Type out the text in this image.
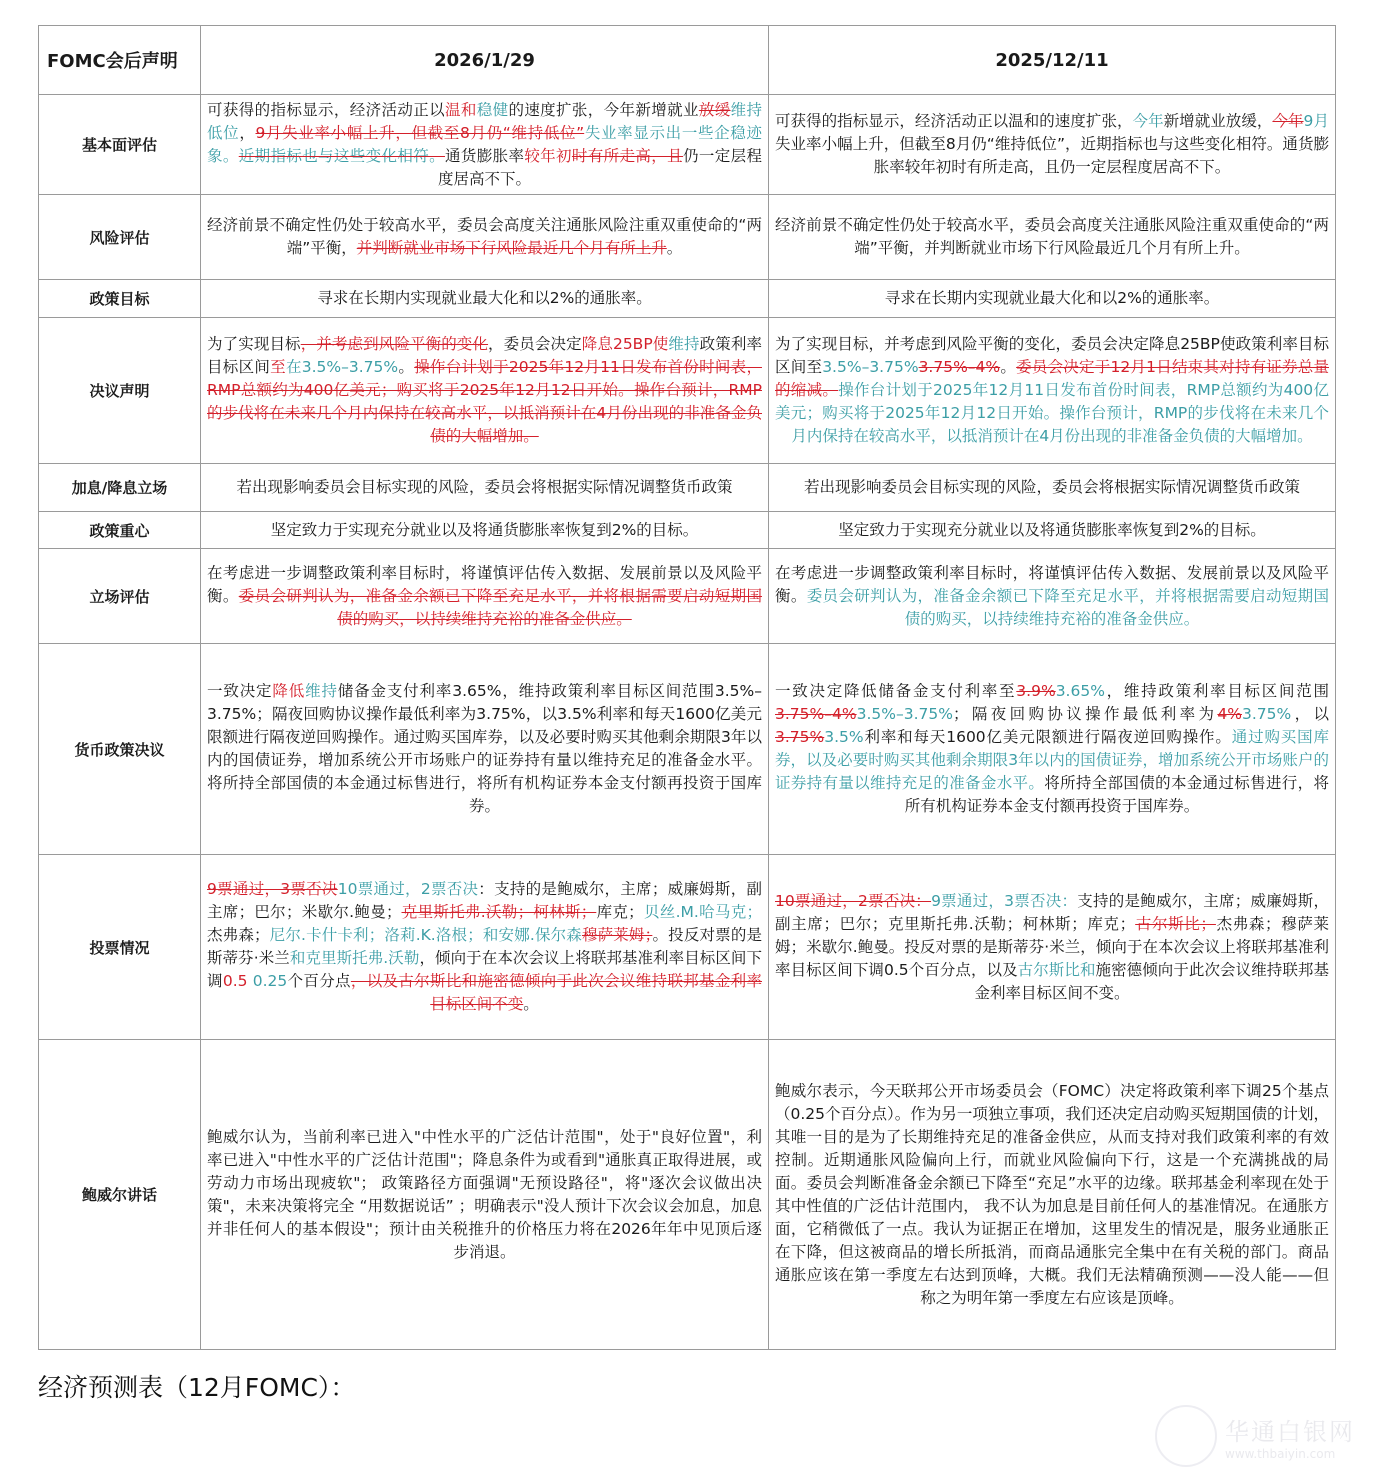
FOMC会后声明	2026/1/29	2025/12/11
基本面评估	可获得的指标显示，经济活动正以温和稳健的速度扩张，今年新增就业放缓维持低位，9月失业率小幅上升，但截至8月仍“维持低位”失业率显示出一些企稳迹象。近期指标也与这些变化相符。通货膨胀率较年初时有所走高，且仍一定层程度居高不下。	可获得的指标显示，经济活动正以温和的速度扩张，今年新增就业放缓，今年9月失业率小幅上升，但截至8月仍“维持低位”，近期指标也与这些变化相符。通货膨胀率较年初时有所走高，且仍一定层程度居高不下。
风险评估	经济前景不确定性仍处于较高水平，委员会高度关注通胀风险注重双重使命的“两端”平衡，并判断就业市场下行风险最近几个月有所上升。	经济前景不确定性仍处于较高水平，委员会高度关注通胀风险注重双重使命的“两端”平衡，并判断就业市场下行风险最近几个月有所上升。
政策目标	寻求在长期内实现就业最大化和以2%的通胀率。	寻求在长期内实现就业最大化和以2%的通胀率。
决议声明	为了实现目标，并考虑到风险平衡的变化，委员会决定降息25BP使维持政策利率目标区间至在3.5%–3.75%。操作台计划于2025年12月11日发布首份时间表，RMP总额约为400亿美元；购买将于2025年12月12日开始。操作台预计，RMP的步伐将在未来几个月内保持在较高水平，以抵消预计在4月份出现的非准备金负债的大幅增加。	为了实现目标，并考虑到风险平衡的变化，委员会决定降息25BP使政策利率目标区间至3.5%–3.75%3.75%–4%。委员会决定于12月1日结束其对持有证券总量的缩减。操作台计划于2025年12月11日发布首份时间表，RMP总额约为400亿美元；购买将于2025年12月12日开始。操作台预计，RMP的步伐将在未来几个月内保持在较高水平，以抵消预计在4月份出现的非准备金负债的大幅增加。
加息/降息立场	若出现影响委员会目标实现的风险，委员会将根据实际情况调整货币政策	若出现影响委员会目标实现的风险，委员会将根据实际情况调整货币政策
政策重心	坚定致力于实现充分就业以及将通货膨胀率恢复到2%的目标。	坚定致力于实现充分就业以及将通货膨胀率恢复到2%的目标。
立场评估	在考虑进一步调整政策利率目标时，将谨慎评估传入数据、发展前景以及风险平衡。委员会研判认为，准备金余额已下降至充足水平，并将根据需要启动短期国债的购买，以持续维持充裕的准备金供应。	在考虑进一步调整政策利率目标时，将谨慎评估传入数据、发展前景以及风险平衡。委员会研判认为，准备金余额已下降至充足水平，并将根据需要启动短期国债的购买，以持续维持充裕的准备金供应。
货币政策决议	一致决定降低维持储备金支付利率3.65%，维持政策利率目标区间范围3.5%–3.75%；隔夜回购协议操作最低利率为3.75%，以3.5%利率和每天1600亿美元限额进行隔夜逆回购操作。通过购买国库券，以及必要时购买其他剩余期限3年以内的国债证券，增加系统公开市场账户的证券持有量以维持充足的准备金水平。将所持全部国债的本金通过标售进行，将所有机构证券本金支付额再投资于国库券。	一致决定降低储备金支付利率至3.9%3.65%，维持政策利率目标区间范围3.75%–4%3.5%–3.75%；隔夜回购协议操作最低利率为4%3.75%，以3.75%3.5%利率和每天1600亿美元限额进行隔夜逆回购操作。通过购买国库券，以及必要时购买其他剩余期限3年以内的国债证券，增加系统公开市场账户的证券持有量以维持充足的准备金水平。将所持全部国债的本金通过标售进行，将所有机构证券本金支付额再投资于国库券。
投票情况	9票通过，3票否决10票通过，2票否决：支持的是鲍威尔，主席；威廉姆斯，副主席；巴尔；米歇尔.鲍曼；克里斯托弗.沃勒；柯林斯；库克；贝丝.M.哈马克；杰弗森；尼尔.卡什卡利；洛莉.K.洛根；和安娜.保尔森穆萨莱姆；。投反对票的是斯蒂芬·米兰和克里斯托弗.沃勒，倾向于在本次会议上将联邦基准利率目标区间下调0.5 0.25个百分点，以及古尔斯比和施密德倾向于此次会议维持联邦基金利率目标区间不变。	10票通过，2票否决：9票通过，3票否决：支持的是鲍威尔，主席；威廉姆斯，副主席；巴尔；克里斯托弗.沃勒；柯林斯；库克；古尔斯比；杰弗森；穆萨莱姆；米歇尔.鲍曼。投反对票的是斯蒂芬·米兰，倾向于在本次会议上将联邦基准利率目标区间下调0.5个百分点，以及古尔斯比和施密德倾向于此次会议维持联邦基金利率目标区间不变。
鲍威尔讲话	鲍威尔认为，当前利率已进入"中性水平的广泛估计范围"，处于"良好位置"，利率已进入"中性水平的广泛估计范围"；降息条件为或看到"通胀真正取得进展，或劳动力市场出现疲软"； 政策路径方面强调"无预设路径"，将"逐次会议做出决策"，未来决策将完全 “用数据说话” ；明确表示"没人预计下次会议会加息，加息并非任何人的基本假设"；预计由关税推升的价格压力将在2026年年中见顶后逐步消退。	鲍威尔表示，今天联邦公开市场委员会（FOMC）决定将政策利率下调25个基点（0.25个百分点）。作为另一项独立事项，我们还决定启动购买短期国债的计划，其唯一目的是为了长期维持充足的准备金供应，从而支持对我们政策利率的有效控制。近期通胀风险偏向上行，而就业风险偏向下行，这是一个充满挑战的局面。委员会判断准备金余额已下降至“充足”水平的边缘。联邦基金利率现在处于其中性值的广泛估计范围内， 我不认为加息是目前任何人的基准情况。在通胀方面，它稍微低了一点。我认为证据正在增加，这里发生的情况是，服务业通胀正在下降，但这被商品的增长所抵消，而商品通胀完全集中在有关税的部门。商品通胀应该在第一季度左右达到顶峰，大概。我们无法精确预测——没人能——但称之为明年第一季度左右应该是顶峰。
经济预测表（12月FOMC）：
华通白银网
www.thbaiyin.com
